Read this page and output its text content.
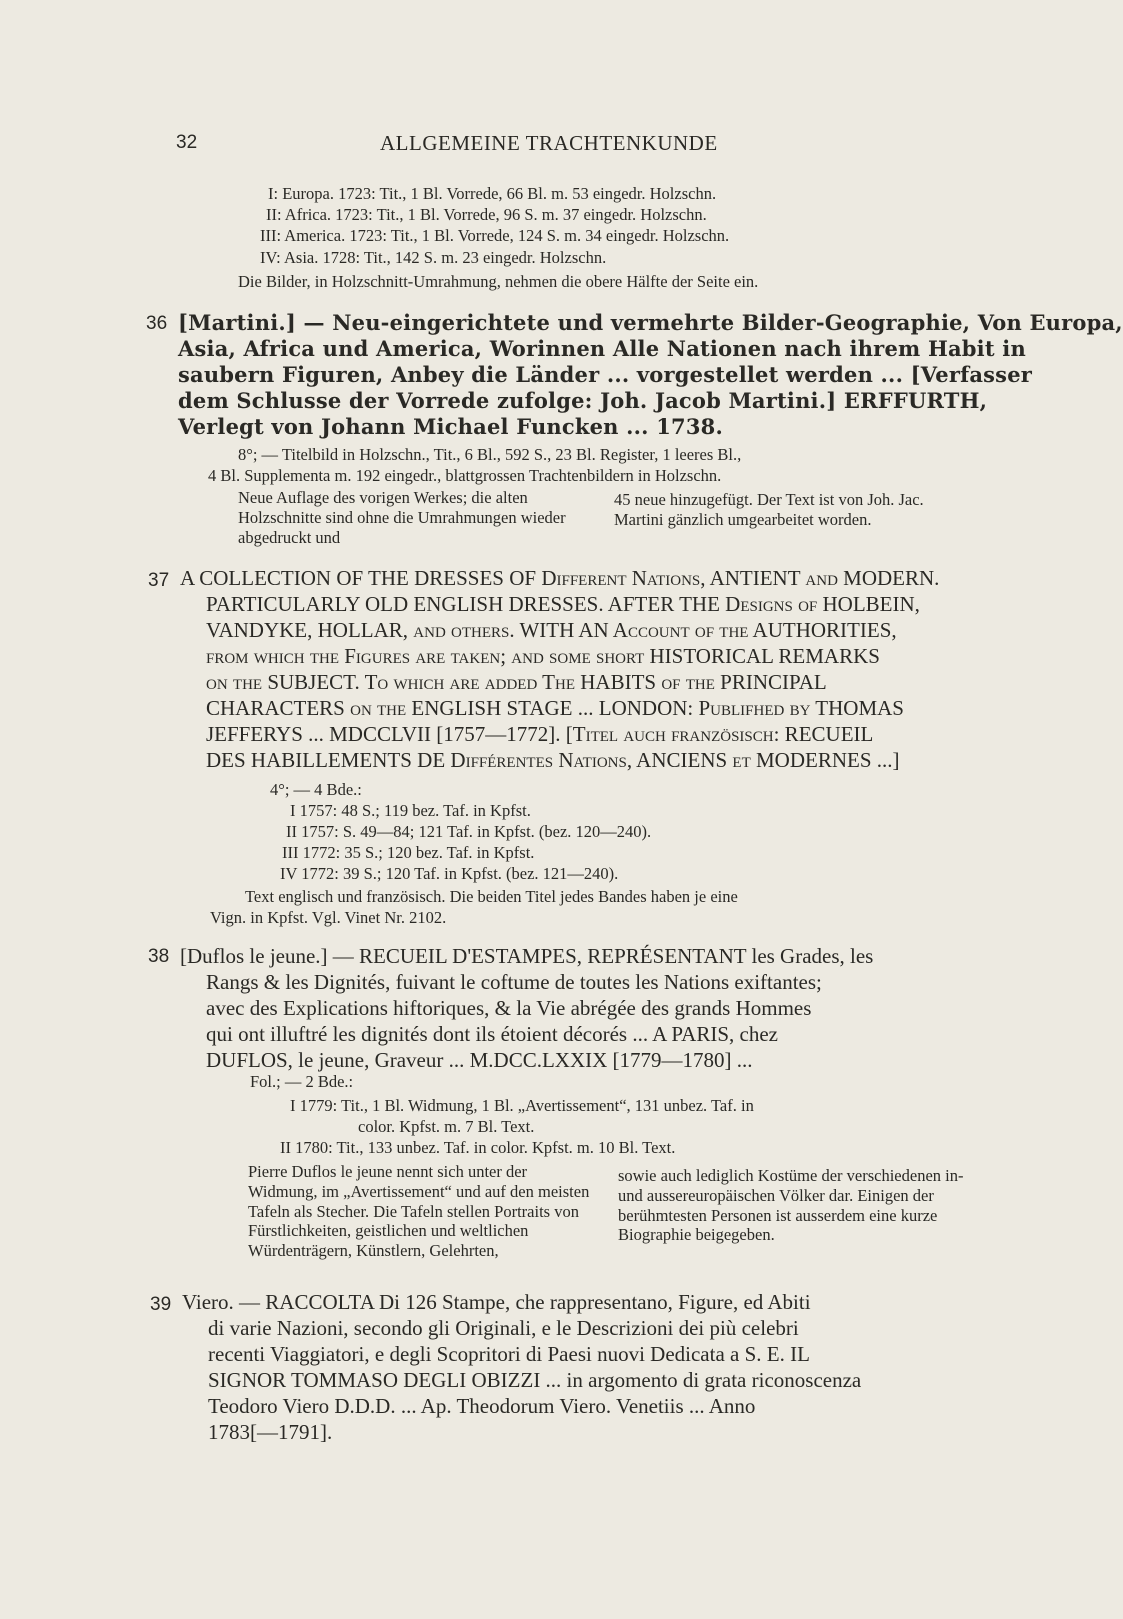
32	ALLGEMEINE TRACHTENKUNDE
I: Europa. 1723: Tit., 1 Bl. Vorrede, 66 Bl. m. 53 eingedr. Holzschn.
II: Africa. 1723: Tit., 1 Bl. Vorrede, 96 S. m. 37 eingedr. Holzschn.
III: America. 1723: Tit., 1 Bl. Vorrede, 124 S. m. 34 eingedr. Holzschn.
IV: Asia. 1728: Tit., 142 S. m. 23 eingedr. Holzschn.
Die Bilder, in Holzschnitt-Umrahmung, nehmen die obere Hälfte der Seite ein.
36 [Martini.] — Neu-eingerichtete und vermehrte Bilder-Geographie, Von Europa,
Asia, Africa und America, Worinnen Alle Nationen nach ihrem Habit in
saubern Figuren, Anbey die Länder ... vorgestellet werden ... [Verfasser
dem Schlusse der Vorrede zufolge: Joh. Jacob Martini.] ERFFURTH,
Verlegt von Johann Michael Funcken ... 1738.
8°; — Titelbild in Holzschn., Tit., 6 Bl., 592 S., 23 Bl. Register, 1 leeres Bl.,
4 Bl. Supplementa m. 192 eingedr., blattgrossen Trachtenbildern in Holzschn.

Neue Auflage des vorigen Werkes; die alten Holzschnitte sind ohne die Umrahmungen wieder abgedruckt und

45 neue hinzugefügt. Der Text ist von Joh. Jac. Martini gänzlich umgearbeitet worden.

37 A COLLECTION OF THE DRESSES OF Different Nations, ANTIENT and MODERN.
PARTICULARLY OLD ENGLISH DRESSES. AFTER THE Designs of HOLBEIN,
VANDYKE, HOLLAR, and others. WITH AN Account of the AUTHORITIES,
from which the Figures are taken; and some short HISTORICAL REMARKS
on the SUBJECT. To which are added The HABITS of the PRINCIPAL
CHARACTERS on the ENGLISH STAGE ... LONDON: Publifhed by THOMAS
JEFFERYS ... MDCCLVII [1757—1772]. [Titel auch französisch: RECUEIL
DES HABILLEMENTS DE Différentes Nations, ANCIENS et MODERNES ...]
4°; — 4 Bde.:
I 1757: 48 S.; 119 bez. Taf. in Kpfst.
II 1757: S. 49—84; 121 Taf. in Kpfst. (bez. 120—240).
III 1772: 35 S.; 120 bez. Taf. in Kpfst.
IV 1772: 39 S.; 120 Taf. in Kpfst. (bez. 121—240).
Text englisch und französisch. Die beiden Titel jedes Bandes haben je eine
Vign. in Kpfst. Vgl. Vinet Nr. 2102.
38 [Duflos le jeune.] — RECUEIL D'ESTAMPES, REPRÉSENTANT les Grades, les
Rangs & les Dignités, fuivant le coftume de toutes les Nations exiftantes;
avec des Explications hiftoriques, & la Vie abrégée des grands Hommes
qui ont illuftré les dignités dont ils étoient décorés ... A PARIS, chez
DUFLOS, le jeune, Graveur ... M.DCC.LXXIX [1779—1780] ...
Fol.; — 2 Bde.:
I 1779: Tit., 1 Bl. Widmung, 1 Bl. „Avertissement“, 131 unbez. Taf. in
color. Kpfst. m. 7 Bl. Text.
II 1780: Tit., 133 unbez. Taf. in color. Kpfst. m. 10 Bl. Text.

Pierre Duflos le jeune nennt sich unter der Widmung, im „Avertissement“ und auf den meisten Tafeln als Stecher. Die Tafeln stellen Portraits von Fürstlichkeiten, geistlichen und weltlichen Würdenträgern, Künstlern, Gelehrten,

sowie auch lediglich Kostüme der verschiedenen in- und aussereuropäischen Völker dar. Einigen der berühmtesten Personen ist ausserdem eine kurze Biographie beigegeben.

39 Viero. — RACCOLTA Di 126 Stampe, che rappresentano, Figure, ed Abiti
di varie Nazioni, secondo gli Originali, e le Descrizioni dei più celebri
recenti Viaggiatori, e degli Scopritori di Paesi nuovi Dedicata a S. E. IL
SIGNOR TOMMASO DEGLI OBIZZI ... in argomento di grata riconoscenza
Teodoro Viero D.D.D. ... Ap. Theodorum Viero. Venetiis ... Anno
1783[—1791].
